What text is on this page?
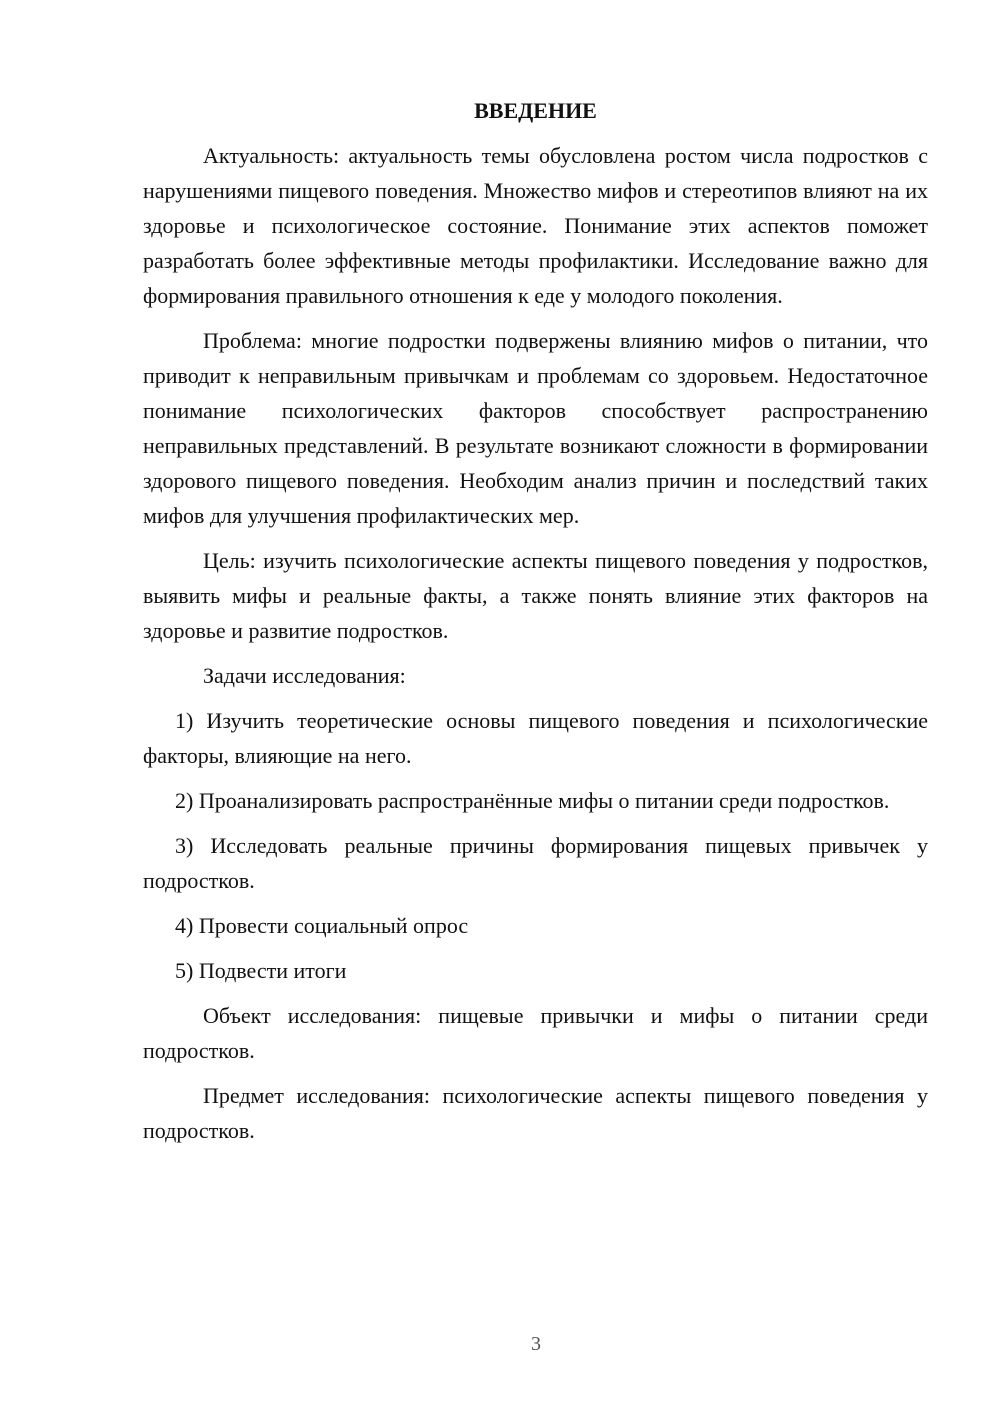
ВВЕДЕНИЕ

Актуальность: актуальность темы обусловлена ростом числа подростков с нарушениями пищевого поведения. Множество мифов и стереотипов влияют на их здоровье и психологическое состояние. Понимание этих аспектов поможет разработать более эффективные методы профилактики. Исследование важно для формирования правильного отношения к еде у молодого поколения.

Проблема: многие подростки подвержены влиянию мифов о питании, что приводит к неправильным привычкам и проблемам со здоровьем. Недостаточное понимание психологических факторов способствует распространению неправильных представлений. В результате возникают сложности в формировании здорового пищевого поведения. Необходим анализ причин и последствий таких мифов для улучшения профилактических мер.

Цель: изучить психологические аспекты пищевого поведения у подростков, выявить мифы и реальные факты, а также понять влияние этих факторов на здоровье и развитие подростков.

Задачи исследования:

1) Изучить теоретические основы пищевого поведения и психологические факторы, влияющие на него.

2) Проанализировать распространённые мифы о питании среди подростков.

3) Исследовать реальные причины формирования пищевых привычек у подростков.

4) Провести социальный опрос

5) Подвести итоги

Объект исследования: пищевые привычки и мифы о питании среди подростков.

Предмет исследования: психологические аспекты пищевого поведения у подростков.

3
